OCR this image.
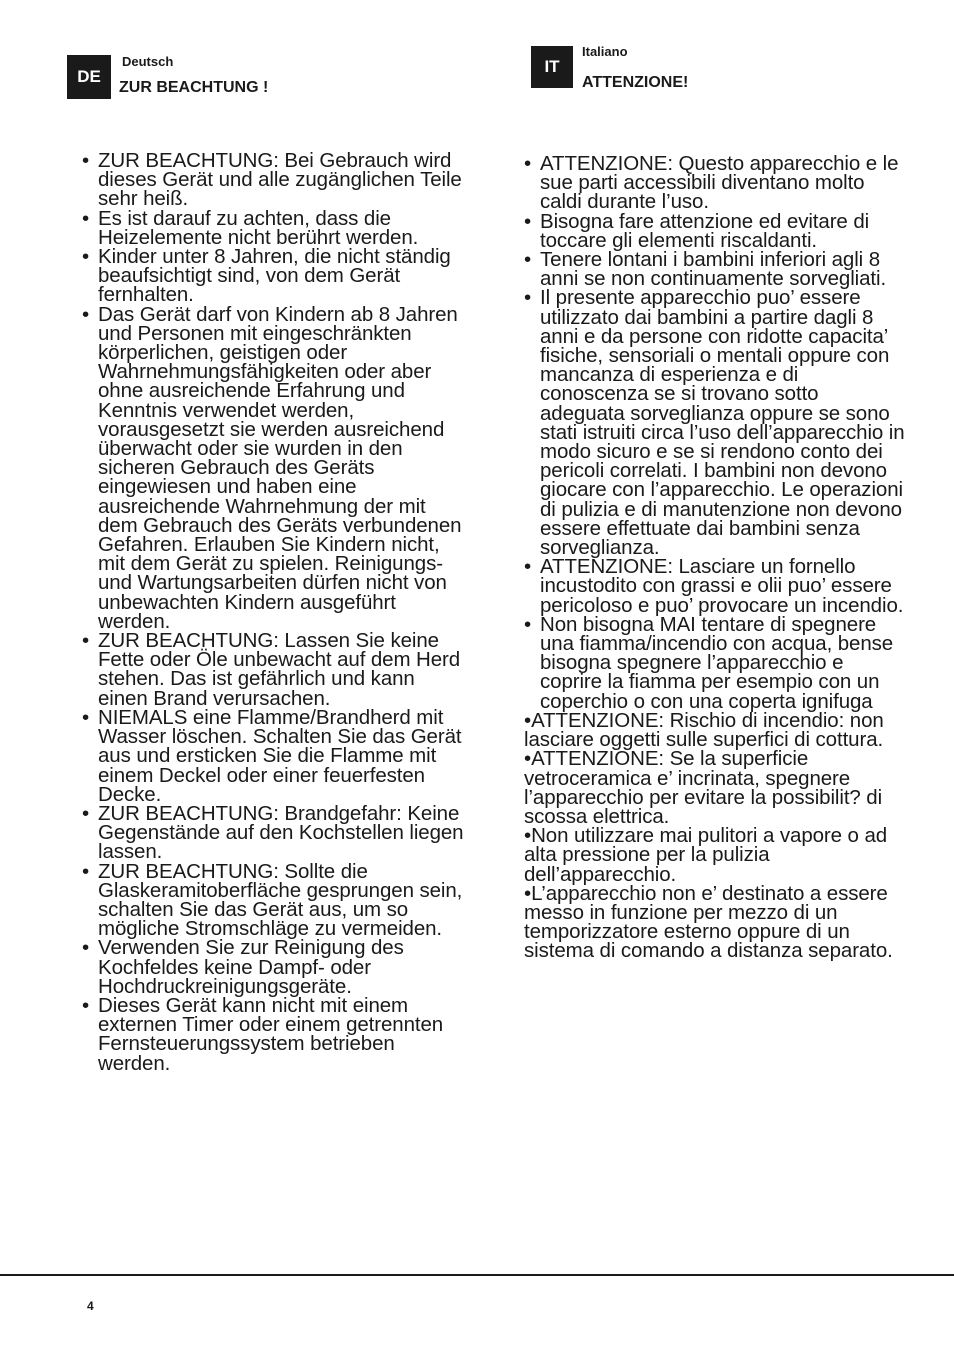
DE
Deutsch
ZUR BEACHTUNG !
IT
Italiano
ATTENZIONE!
• ZUR BEACHTUNG: Bei Gebrauch wird dieses Gerät und alle zugänglichen Teile sehr heiß.
• Es ist darauf zu achten, dass die Heizelemente nicht berührt werden.
• Kinder unter 8 Jahren, die nicht ständig beaufsichtigt sind, von dem Gerät fernhalten.
• Das Gerät darf von Kindern ab 8 Jahren und Personen mit eingeschränkten körperlichen, geistigen oder Wahrnehmungsfähigkeiten oder aber ohne ausreichende Erfahrung und Kenntnis verwendet werden, vorausgesetzt sie werden ausreichend überwacht oder sie wurden in den sicheren Gebrauch des Geräts eingewiesen und haben eine ausreichende Wahrnehmung der mit dem Gebrauch des Geräts verbundenen Gefahren. Erlauben Sie Kindern nicht, mit dem Gerät zu spielen. Reinigungs- und Wartungsarbeiten dürfen nicht von unbewachten Kindern ausgeführt werden.
• ZUR BEACHTUNG: Lassen Sie keine Fette oder Öle unbewacht auf dem Herd stehen. Das ist gefährlich und kann einen Brand verursachen.
• NIEMALS eine Flamme/Brandherd mit Wasser löschen. Schalten Sie das Gerät aus und ersticken Sie die Flamme mit einem Deckel oder einer feuerfesten Decke.
• ZUR BEACHTUNG: Brandgefahr: Keine Gegenstände auf den Kochstellen liegen lassen.
• ZUR BEACHTUNG: Sollte die Glaskeramitoberfläche gesprungen sein, schalten Sie das Gerät aus, um so mögliche Stromschläge zu vermeiden.
• Verwenden Sie zur Reinigung des Kochfeldes keine Dampf- oder Hochdruckreinigungsgeräte.
• Dieses Gerät kann nicht mit einem externen Timer oder einem getrennten Fernsteuerungssystem betrieben werden.
• ATTENZIONE: Questo apparecchio e le sue parti accessibili diventano molto caldi durante l’uso.
• Bisogna fare attenzione ed evitare di toccare gli elementi riscaldanti.
• Tenere lontani i bambini inferiori agli 8 anni se non continuamente sorvegliati.
• Il presente apparecchio puo’ essere utilizzato dai bambini a partire dagli 8 anni e da persone con ridotte capacita’ fisiche, sensoriali o mentali oppure con mancanza di esperienza e di conoscenza se si trovano sotto adeguata sorveglianza oppure se sono stati istruiti circa l’uso dell’apparecchio in modo sicuro e se si rendono conto dei pericoli correlati. I bambini non devono giocare con l’apparecchio. Le operazioni di pulizia e di manutenzione non devono essere effettuate dai bambini senza sorveglianza.
• ATTENZIONE: Lasciare un fornello incustodito con grassi e olii puo’ essere pericoloso e puo’ provocare un incendio.
• Non bisogna MAI tentare di spegnere una fiamma/incendio con acqua, bense bisogna spegnere l’apparecchio e coprire la fiamma per esempio con un coperchio o con una coperta ignifuga
•ATTENZIONE: Rischio di incendio: non lasciare oggetti sulle superfici di cottura.
•ATTENZIONE: Se la superficie vetroceramica e’ incrinata, spegnere l’apparecchio per evitare la possibilit? di scossa elettrica.
•Non utilizzare mai pulitori a vapore o ad alta pressione per la pulizia dell’apparecchio.
•L’apparecchio non e’ destinato a essere messo in funzione per mezzo di un temporizzatore esterno oppure di un sistema di comando a distanza separato.
4
